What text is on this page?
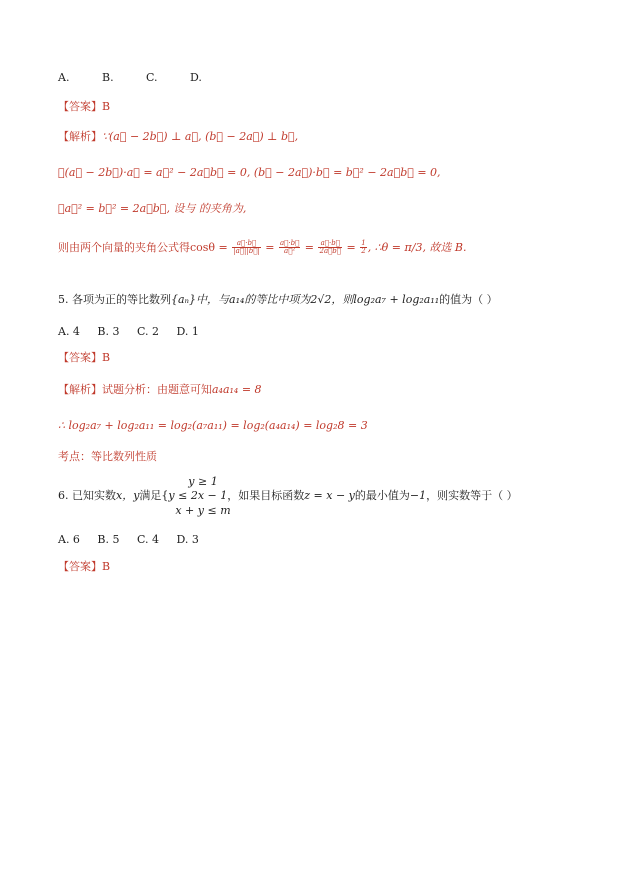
A.	B.	C.	D.
【答案】B
【解析】∵(a⃗ − 2b⃗) ⊥ a⃗, (b⃗ − 2a⃗) ⊥ b⃗,
∴(a⃗ − 2b⃗)·a⃗ = a⃗² − 2a⃗b⃗ = 0, (b⃗ − 2a⃗)·b⃗ = b⃗² − 2a⃗b⃗ = 0,
∴a⃗² = b⃗² = 2a⃗b⃗, 设与 的夹角为,
则由两个向量的夹角公式得$\cos\theta = \frac{a⃗\cdot b⃗}{|a⃗||b⃗|} = \frac{a⃗\cdot b⃗}{\text{a⃗²}} = \frac{a⃗\cdot b⃗}{2a⃗b⃗} = \frac{1}{2}$ , ∴θ = π/3, 故选 B.
5. 各项为正的等比数列{aₙ}中，与a₁₄的等比中项为2√2，则log₂a₇ + log₂a₁₁的值为（ ）
A. 4     B. 3     C. 2     D. 1
【答案】B
【解析】试题分析：由题意可知a₄a₁₄ = 8
∴ log₂a₇ + log₂a₁₁ = log₂(a₇a₁₁) = log₂(a₄a₁₄) = log₂8 = 3
考点：等比数列性质
y ≥ 1
6. 已知实数x，y满足{y ≤ 2x − 1，如果目标函数z = x − y的最小值为−1，则实数等于（ ）
x + y ≤ m
A. 6     B. 5     C. 4     D. 3
【答案】B
